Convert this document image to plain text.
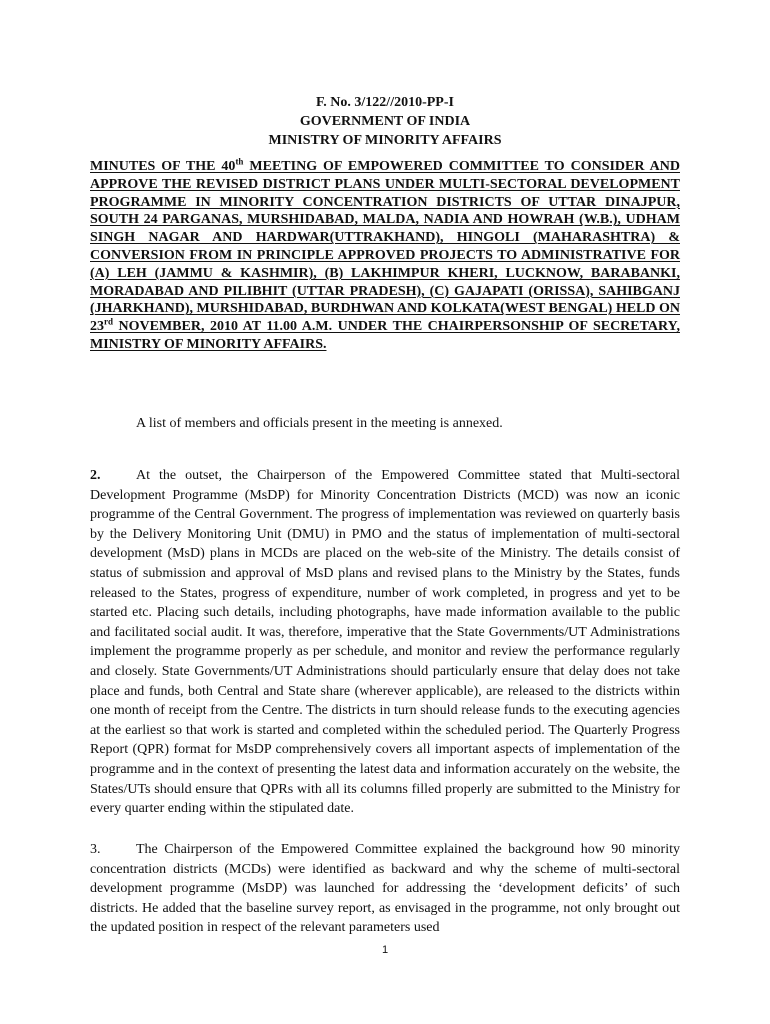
F. No. 3/122//2010-PP-I
GOVERNMENT OF INDIA
MINISTRY OF MINORITY AFFAIRS

MINUTES OF THE 40th MEETING OF EMPOWERED COMMITTEE TO CONSIDER AND APPROVE THE REVISED DISTRICT PLANS UNDER MULTI-SECTORAL DEVELOPMENT PROGRAMME IN MINORITY CONCENTRATION DISTRICTS OF UTTAR DINAJPUR, SOUTH 24 PARGANAS, MURSHIDABAD, MALDA, NADIA AND HOWRAH (W.B.), UDHAM SINGH NAGAR AND HARDWAR(UTTRAKHAND), HINGOLI (MAHARASHTRA) & CONVERSION FROM IN PRINCIPLE APPROVED PROJECTS TO ADMINISTRATIVE FOR (A) LEH (JAMMU & KASHMIR), (B) LAKHIMPUR KHERI, LUCKNOW, BARABANKI, MORADABAD AND PILIBHIT (UTTAR PRADESH), (C) GAJAPATI (ORISSA), SAHIBGANJ (JHARKHAND), MURSHIDABAD, BURDHWAN AND KOLKATA(WEST BENGAL) HELD ON 23rd NOVEMBER, 2010 AT 11.00 A.M. UNDER THE CHAIRPERSONSHIP OF SECRETARY, MINISTRY OF MINORITY AFFAIRS.

A list of members and officials present in the meeting is annexed.

2.	At the outset, the Chairperson of the Empowered Committee stated that Multi-sectoral Development Programme (MsDP) for Minority Concentration Districts (MCD) was now an iconic programme of the Central Government. The progress of implementation was reviewed on quarterly basis by the Delivery Monitoring Unit (DMU) in PMO and the status of implementation of multi-sectoral development (MsD) plans in MCDs are placed on the web-site of the Ministry. The details consist of status of submission and approval of MsD plans and revised plans to the Ministry by the States, funds released to the States, progress of expenditure, number of work completed, in progress and yet to be started etc. Placing such details, including photographs, have made information available to the public and facilitated social audit. It was, therefore, imperative that the State Governments/UT Administrations implement the programme properly as per schedule, and monitor and review the performance regularly and closely. State Governments/UT Administrations should particularly ensure that delay does not take place and funds, both Central and State share (wherever applicable), are released to the districts within one month of receipt from the Centre. The districts in turn should release funds to the executing agencies at the earliest so that work is started and completed within the scheduled period. The Quarterly Progress Report (QPR) format for MsDP comprehensively covers all important aspects of implementation of the programme and in the context of presenting the latest data and information accurately on the website, the States/UTs should ensure that QPRs with all its columns filled properly are submitted to the Ministry for every quarter ending within the stipulated date.

3.	The Chairperson of the Empowered Committee explained the background how 90 minority concentration districts (MCDs) were identified as backward and why the scheme of multi-sectoral development programme (MsDP) was launched for addressing the ‘development deficits’ of such districts. He added that the baseline survey report, as envisaged in the programme, not only brought out the updated position in respect of the relevant parameters used

1
